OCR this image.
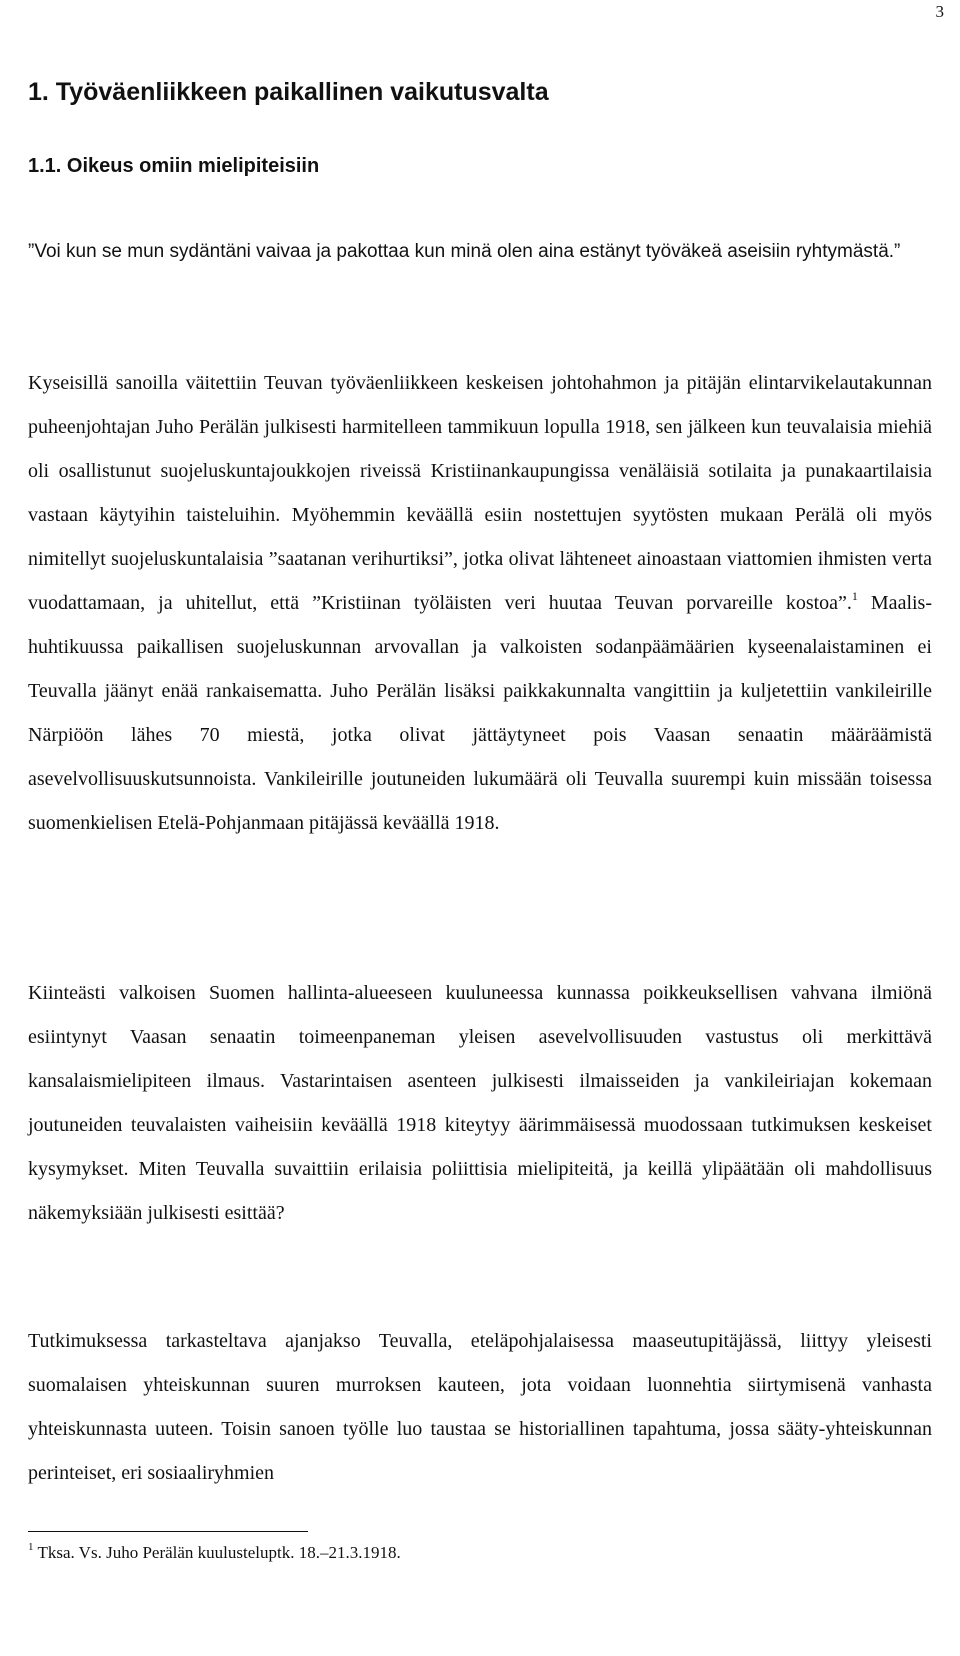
3
1. Työväenliikkeen paikallinen vaikutusvalta
1.1. Oikeus omiin mielipiteisiin

”Voi kun se mun sydäntäni vaivaa ja pakottaa kun minä olen aina estänyt työväkeä aseisiin ryhtymästä.”

Kyseisillä sanoilla väitettiin Teuvan työväenliikkeen keskeisen johtohahmon ja pitäjän elintarvikelautakunnan puheenjohtajan Juho Perälän julkisesti harmitelleen tammikuun lopulla 1918, sen jälkeen kun teuvalaisia miehiä oli osallistunut suojeluskuntajoukkojen riveissä Kristiinankaupungissa venäläisiä sotilaita ja punakaartilaisia vastaan käytyihin taisteluihin. Myöhemmin keväällä esiin nostettujen syytösten mukaan Perälä oli myös nimitellyt suojeluskuntalaisia ”saatanan verihurtiksi”, jotka olivat lähteneet ainoastaan viattomien ihmisten verta vuodattamaan, ja uhitellut, että ”Kristiinan työläisten veri huutaa Teuvan porvareille kostoa”.$^1$ Maalis-huhtikuussa paikallisen suojeluskunnan arvovallan ja valkoisten sodanpäämäärien kyseenalaistaminen ei Teuvalla jäänyt enää rankaisematta. Juho Perälän lisäksi paikkakunnalta vangittiin ja kuljetettiin vankileirille Närpiöön lähes 70 miestä, jotka olivat jättäytyneet pois Vaasan senaatin määräämistä asevelvollisuuskutsunnoista. Vankileirille joutuneiden lukumäärä oli Teuvalla suurempi kuin missään toisessa suomenkielisen Etelä-Pohjanmaan pitäjässä keväällä 1918.

Kiinteästi valkoisen Suomen hallinta-alueeseen kuuluneessa kunnassa poikkeuksellisen vahvana ilmiönä esiintynyt Vaasan senaatin toimeenpaneman yleisen asevelvollisuuden vastustus oli merkittävä kansalaismielipiteen ilmaus. Vastarintaisen asenteen julkisesti ilmaisseiden ja vankileiriajan kokemaan joutuneiden teuvalaisten vaiheisiin keväällä 1918 kiteytyy äärimmäisessä muodossaan tutkimuksen keskeiset kysymykset. Miten Teuvalla suvaittiin erilaisia poliittisia mielipiteitä, ja keillä ylipäätään oli mahdollisuus näkemyksiään julkisesti esittää?

Tutkimuksessa tarkasteltava ajanjakso Teuvalla, eteläpohjalaisessa maaseutupitäjässä, liittyy yleisesti suomalaisen yhteiskunnan suuren murroksen kauteen, jota voidaan luonnehtia siirtymisenä vanhasta yhteiskunnasta uuteen. Toisin sanoen työlle luo taustaa se historiallinen tapahtuma, jossa sääty-yhteiskunnan perinteiset, eri sosiaaliryhmien

$^1$ Tksa. Vs. Juho Perälän kuulusteluptk. 18.–21.3.1918.
